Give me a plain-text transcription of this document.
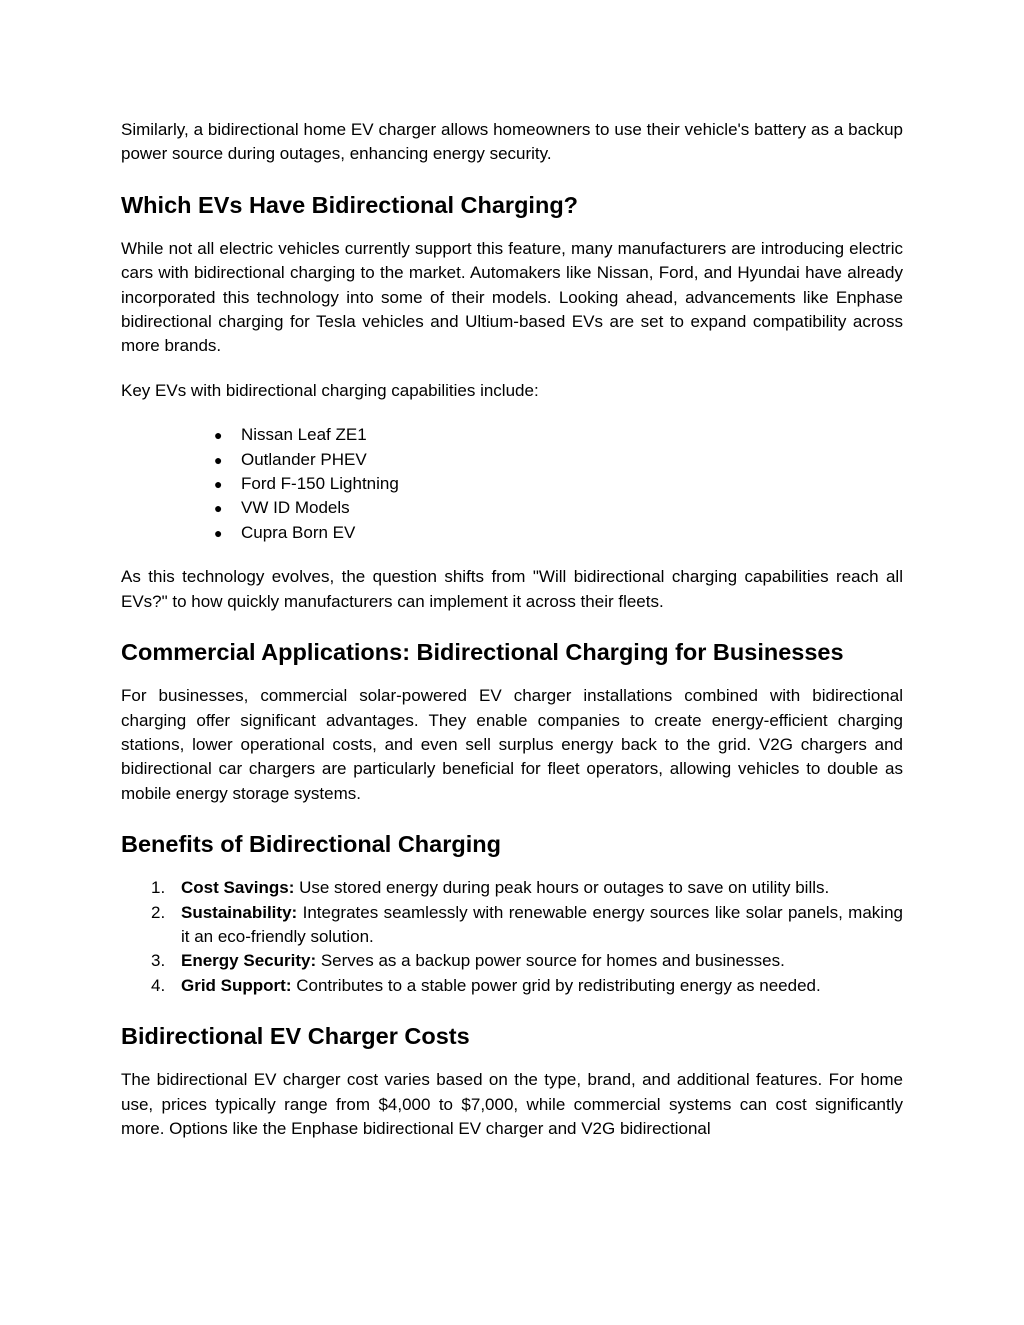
Similarly, a bidirectional home EV charger allows homeowners to use their vehicle's battery as a backup power source during outages, enhancing energy security.

Which EVs Have Bidirectional Charging?

While not all electric vehicles currently support this feature, many manufacturers are introducing electric cars with bidirectional charging to the market. Automakers like Nissan, Ford, and Hyundai have already incorporated this technology into some of their models. Looking ahead, advancements like Enphase bidirectional charging for Tesla vehicles and Ultium-based EVs are set to expand compatibility across more brands.

Key EVs with bidirectional charging capabilities include:

● Nissan Leaf ZE1
● Outlander PHEV
● Ford F-150 Lightning
● VW ID Models
● Cupra Born EV

As this technology evolves, the question shifts from "Will bidirectional charging capabilities reach all EVs?" to how quickly manufacturers can implement it across their fleets.

Commercial Applications: Bidirectional Charging for Businesses

For businesses, commercial solar-powered EV charger installations combined with bidirectional charging offer significant advantages. They enable companies to create energy-efficient charging stations, lower operational costs, and even sell surplus energy back to the grid. V2G chargers and bidirectional car chargers are particularly beneficial for fleet operators, allowing vehicles to double as mobile energy storage systems.

Benefits of Bidirectional Charging
1. Cost Savings: Use stored energy during peak hours or outages to save on utility bills.
2. Sustainability: Integrates seamlessly with renewable energy sources like solar panels, making it an eco-friendly solution.
3. Energy Security: Serves as a backup power source for homes and businesses.
4. Grid Support: Contributes to a stable power grid by redistributing energy as needed.
Bidirectional EV Charger Costs

The bidirectional EV charger cost varies based on the type, brand, and additional features. For home use, prices typically range from $4,000 to $7,000, while commercial systems can cost significantly more. Options like the Enphase bidirectional EV charger and V2G bidirectional
